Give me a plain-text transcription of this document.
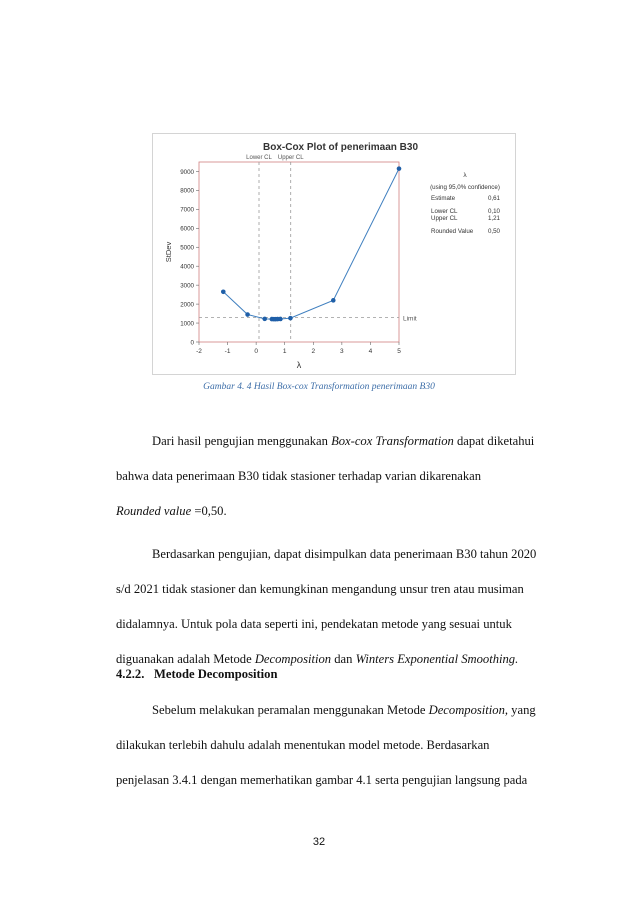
Box-Cox Plot of penerimaan B30
Limit
Lower CL Upper CL
0
1000
2000
3000
4000
5000
6000
7000
8000
9000
-2	-1	0	1	2	3	4	5
λ
StDev
λ
(using 95,0% confidence)
Estimate	0,61
Lower CL	0,10
Upper CL	1,21
Rounded Value 0,50
Gambar 4. 4 Hasil Box-cox Transformation penerimaan B30
Dari hasil pengujian menggunakan Box-cox Transformation dapat diketahui
bahwa data penerimaan B30 tidak stasioner terhadap varian dikarenakan
Rounded value =0,50.
Berdasarkan pengujian, dapat disimpulkan data penerimaan B30 tahun 2020
s/d 2021 tidak stasioner dan kemungkinan mengandung unsur tren atau musiman
didalamnya. Untuk pola data seperti ini, pendekatan metode yang sesuai untuk
diguanakan adalah Metode Decomposition dan Winters Exponential Smoothing.
4.2.2. Metode Decomposition
Sebelum melakukan peramalan menggunakan Metode Decomposition, yang
dilakukan terlebih dahulu adalah menentukan model metode. Berdasarkan
penjelasan 3.4.1 dengan memerhatikan gambar 4.1 serta pengujian langsung pada
32
